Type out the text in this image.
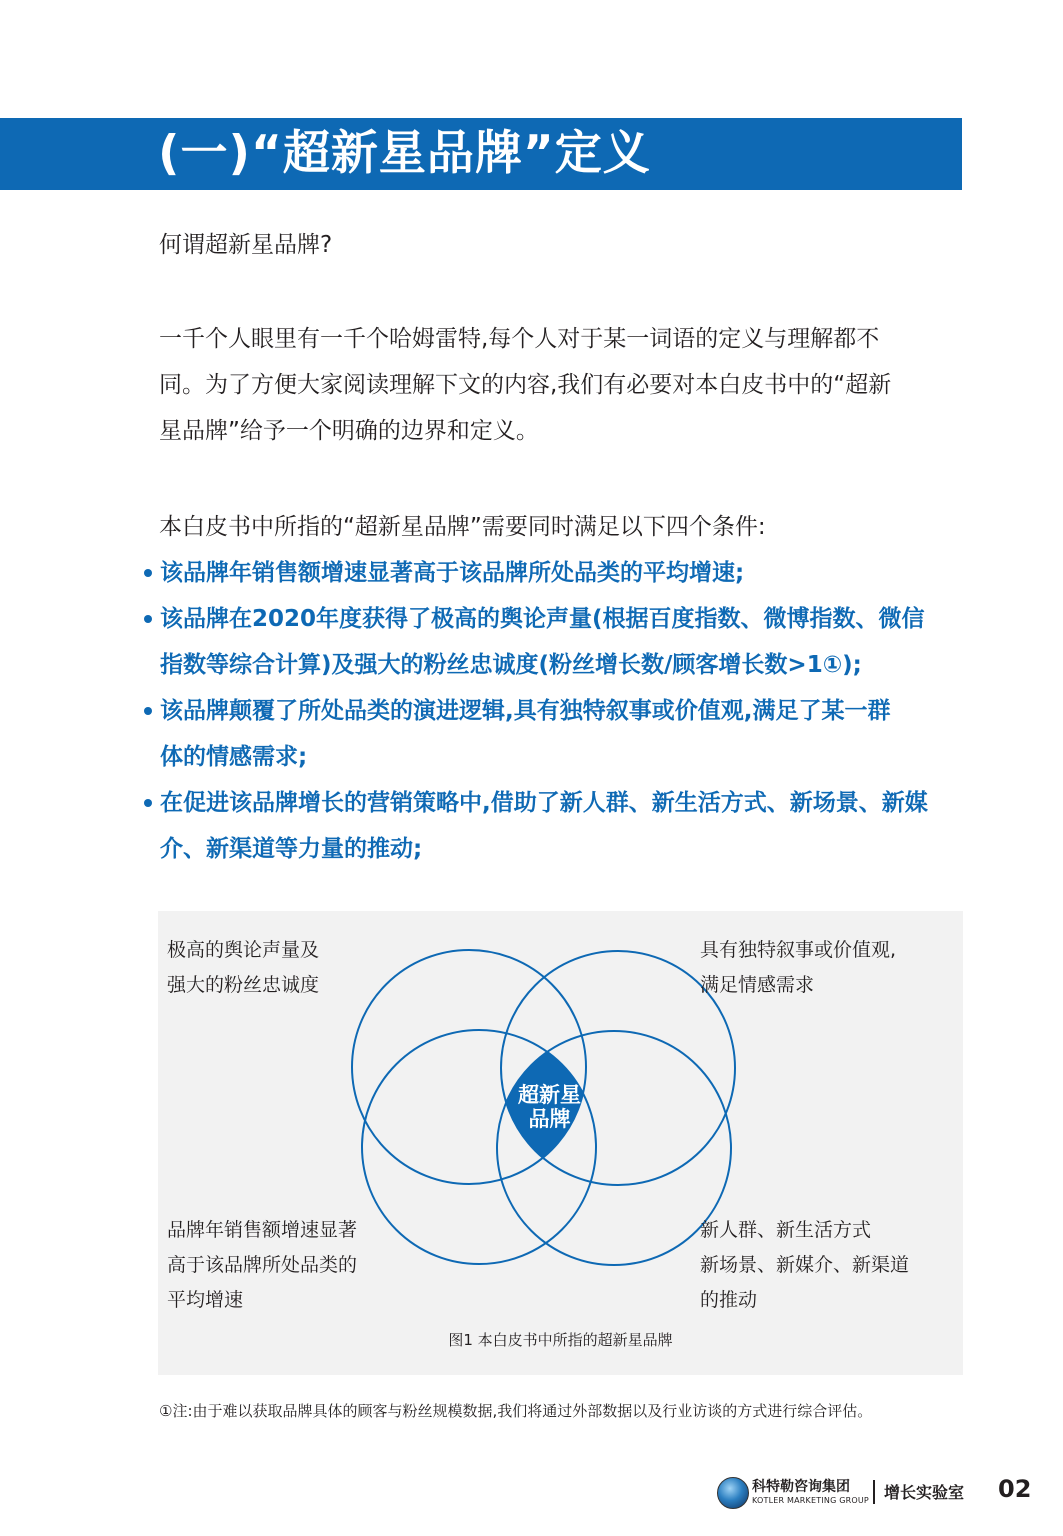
(一)“超新星品牌”定义

何谓超新星品牌?

一千个人眼里有一千个哈姆雷特,每个人对于某一词语的定义与理解都不
同。为了方便大家阅读理解下文的内容,我们有必要对本白皮书中的“超新
星品牌”给予一个明确的边界和定义。

本白皮书中所指的“超新星品牌”需要同时满足以下四个条件:

该品牌年销售额增速显著高于该品牌所处品类的平均增速;
该品牌在2020年度获得了极高的舆论声量(根据百度指数、微博指数、微信
指数等综合计算)及强大的粉丝忠诚度(粉丝增长数/顾客增长数>1①);
该品牌颠覆了所处品类的演进逻辑,具有独特叙事或价值观,满足了某一群
体的情感需求;
在促进该品牌增长的营销策略中,借助了新人群、新生活方式、新场景、新媒
介、新渠道等力量的推动;
极高的舆论声量及
强大的粉丝忠诚度
具有独特叙事或价值观,
满足情感需求
品牌年销售额增速显著
高于该品牌所处品类的
平均增速
新人群、新生活方式
新场景、新媒介、新渠道
的推动
超新星
品牌
图1 本白皮书中所指的超新星品牌
①注:由于难以获取品牌具体的顾客与粉丝规模数据,我们将通过外部数据以及行业访谈的方式进行综合评估。
科特勒咨询集团
KOTLER MARKETING GROUP 增长实验室 02
